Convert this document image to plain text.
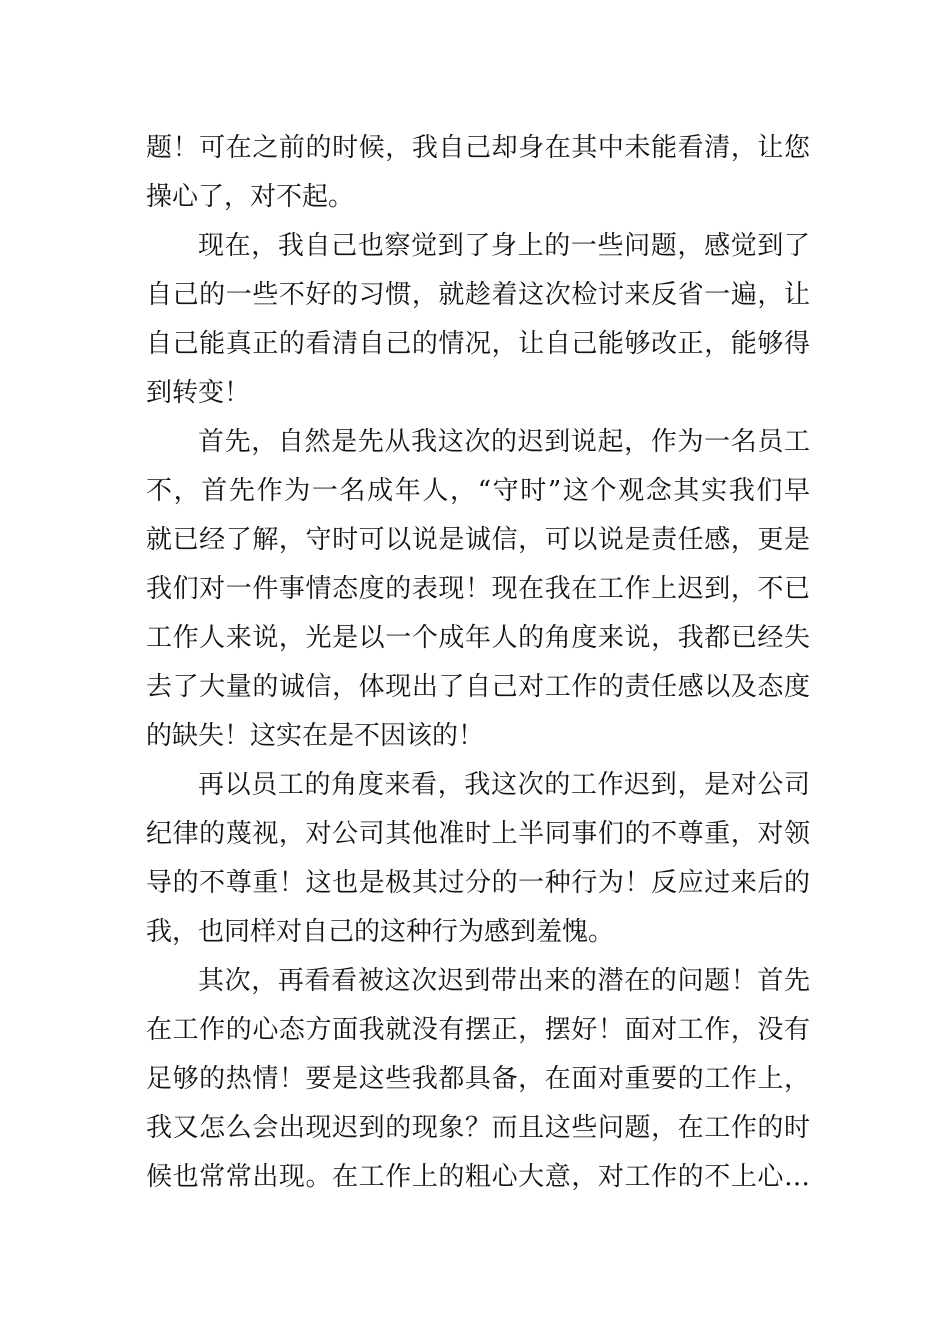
题！可在之前的时候，我自己却身在其中未能看清，让您
操心了，对不起。
现在，我自己也察觉到了身上的一些问题，感觉到了
自己的一些不好的习惯，就趁着这次检讨来反省一遍，让
自己能真正的看清自己的情况，让自己能够改正，能够得
到转变！
首先，自然是先从我这次的迟到说起，作为一名员工
不，首先作为一名成年人，“守时”这个观念其实我们早
就已经了解，守时可以说是诚信，可以说是责任感，更是
我们对一件事情态度的表现！现在我在工作上迟到，不已
工作人来说，光是以一个成年人的角度来说，我都已经失
去了大量的诚信，体现出了自己对工作的责任感以及态度
的缺失！这实在是不因该的！
再以员工的角度来看，我这次的工作迟到，是对公司
纪律的蔑视，对公司其他准时上半同事们的不尊重，对领
导的不尊重！这也是极其过分的一种行为！反应过来后的
我，也同样对自己的这种行为感到羞愧。
其次，再看看被这次迟到带出来的潜在的问题！首先
在工作的心态方面我就没有摆正，摆好！面对工作，没有
足够的热情！要是这些我都具备，在面对重要的工作上，
我又怎么会出现迟到的现象？而且这些问题，在工作的时
候也常常出现。在工作上的粗心大意，对工作的不上心…
